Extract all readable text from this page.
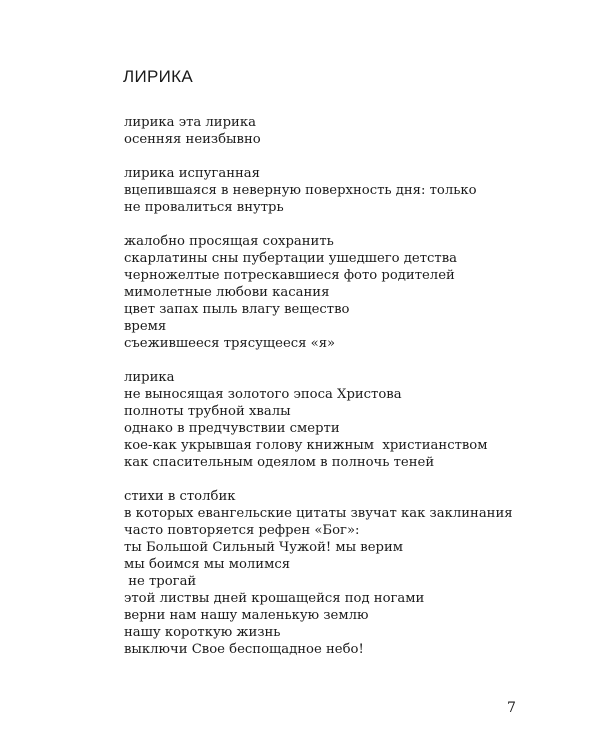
ЛИРИКА
лирика эта лирика
осенняя неизбывно
лирика испуганная
вцепившаяся в неверную поверхность дня: только
не провалиться внутрь
жалобно просящая сохранить
скарлатины сны пубертации ушедшего детства
черножелтые потрескавшиеся фото родителей
мимолетные любови касания
цвет запах пыль влагу вещество
время
съежившееся трясущееся «я»
лирика
не выносящая золотого эпоса Христова
полноты трубной хвалы
однако в предчувствии смерти
кое-как укрывшая голову книжным  христианством
как спасительным одеялом в полночь теней
стихи в столбик
в которых евангельские цитаты звучат как заклинания
часто повторяется рефрен «Бог»:
ты Большой Сильный Чужой! мы верим
мы боимся мы молимся
не трогай
этой листвы дней крошащейся под ногами
верни нам нашу маленькую землю
нашу короткую жизнь
выключи Свое беспощадное небо!
7
